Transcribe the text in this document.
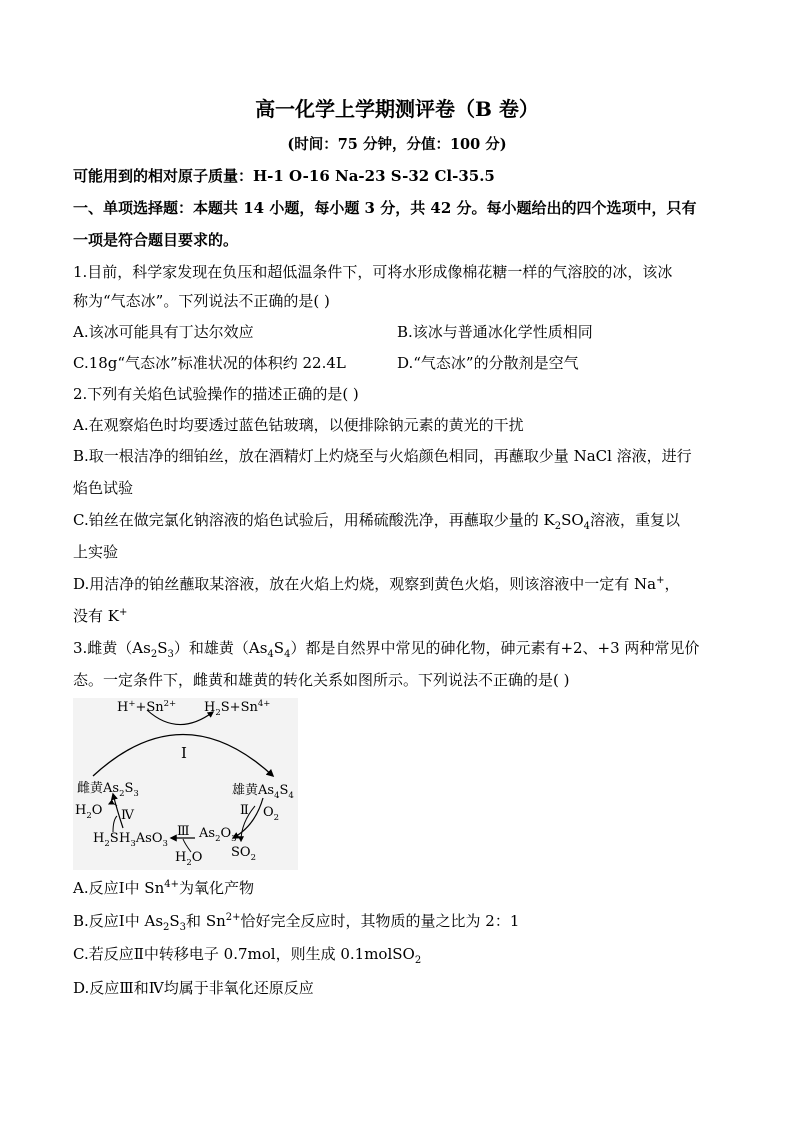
高一化学上学期测评卷（B 卷）
(时间：75 分钟，分值：100 分)
可能用到的相对原子质量：H-1 O-16 Na-23 S-32 Cl-35.5
一、单项选择题：本题共 14 小题，每小题 3 分，共 42 分。每小题给出的四个选项中，只有
一项是符合题目要求的。
1.目前，科学家发现在负压和超低温条件下，可将水形成像棉花糖一样的气溶胶的冰，该冰
称为“气态冰”。下列说法不正确的是( )
A.该冰可能具有丁达尔效应	B.该冰与普通冰化学性质相同
C.18g“气态冰”标准状况的体积约 22.4L	D.“气态冰”的分散剂是空气
2.下列有关焰色试验操作的描述正确的是( )
A.在观察焰色时均要透过蓝色钴玻璃，以便排除钠元素的黄光的干扰
B.取一根洁净的细铂丝，放在酒精灯上灼烧至与火焰颜色相同，再蘸取少量 NaCl 溶液，进行
焰色试验
C.铂丝在做完氯化钠溶液的焰色试验后，用稀硫酸洗净，再蘸取少量的 $K_2SO_4$溶液，重复以
上实验
D.用洁净的铂丝蘸取某溶液，放在火焰上灼烧，观察到黄色火焰，则该溶液中一定有 Na+，
没有 K+
3.雌黄$(As_2S_3)$和雄黄$(As_4S_4)$都是自然界中常见的砷化物，砷元素有+2、+3 两种常见价
态。一定条件下，雌黄和雄黄的转化关系如图所示。下列说法不正确的是( )
$H^++Sn^{2+}$ $H_2S+Sn^{4+}$
Ⅰ
雌黄$As_2S_3$	雄黄$As_4S_4$
$H_2O$ Ⅳ	Ⅱ $O_2$
$H_2S$ $H_3AsO_3$
Ⅲ $As_2O_3$
$H_2O$ $SO_2$
A.反应Ⅰ中 $Sn^{4+}$为氧化产物
B.反应Ⅰ中 $As_2S_3$和 $Sn^{2+}$恰好完全反应时，其物质的量之比为 2：1
C.若反应Ⅱ中转移电子 0.7mol，则生成 0.1molSO$_2$
D.反应Ⅲ和Ⅳ均属于非氧化还原反应
